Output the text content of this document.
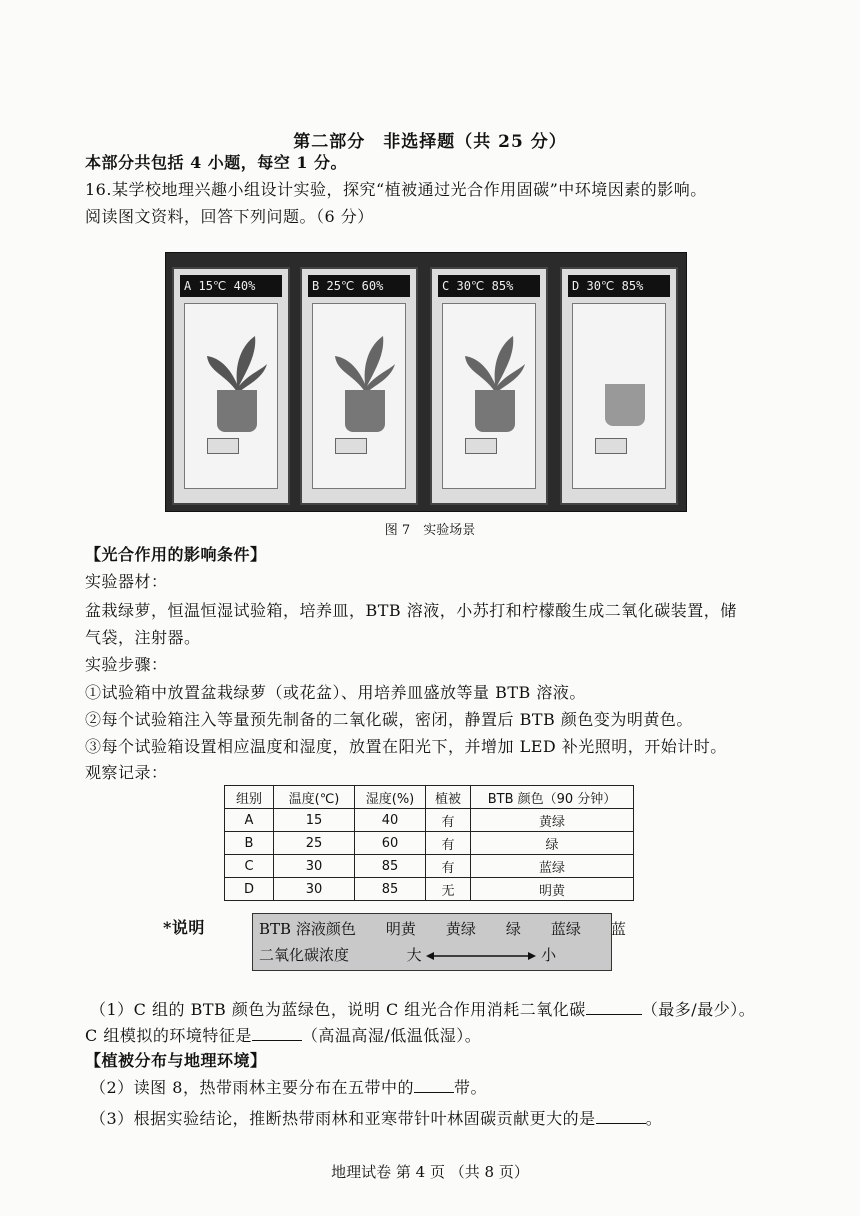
第二部分　非选择题（共 25 分）
本部分共包括 4 小题，每空 1 分。
16.某学校地理兴趣小组设计实验，探究“植被通过光合作用固碳”中环境因素的影响。
阅读图文资料，回答下列问题。（6 分）
A 15℃ 40%	B 25℃ 60%	C 30℃ 85%	D 30℃ 85%
图 7　实验场景
【光合作用的影响条件】
实验器材：
盆栽绿萝，恒温恒湿试验箱，培养皿，BTB 溶液，小苏打和柠檬酸生成二氧化碳装置，储
气袋，注射器。
实验步骤：
①试验箱中放置盆栽绿萝（或花盆）、用培养皿盛放等量 BTB 溶液。
②每个试验箱注入等量预先制备的二氧化碳，密闭，静置后 BTB 颜色变为明黄色。
③每个试验箱设置相应温度和湿度，放置在阳光下，并增加 LED 补光照明，开始计时。
观察记录：
组别	温度(℃)	湿度(%)	植被	BTB 颜色（90 分钟）
A	15	40	有	黄绿
B	25	60	有	绿
C	30	85	有	蓝绿
D	30	85	无	明黄
*说明	BTB 溶液颜色　　明黄　　黄绿　　绿　　蓝绿　　蓝
二氧化碳浓度	大	小
（1）C 组的 BTB 颜色为蓝绿色，说明 C 组光合作用消耗二氧化碳	（最多/最少）。
C 组模拟的环境特征是	（高温高湿/低温低湿）。
【植被分布与地理环境】
（2）读图 8，热带雨林主要分布在五带中的	带。
（3）根据实验结论，推断热带雨林和亚寒带针叶林固碳贡献更大的是	。
地理试卷 第 4 页 （共 8 页）
